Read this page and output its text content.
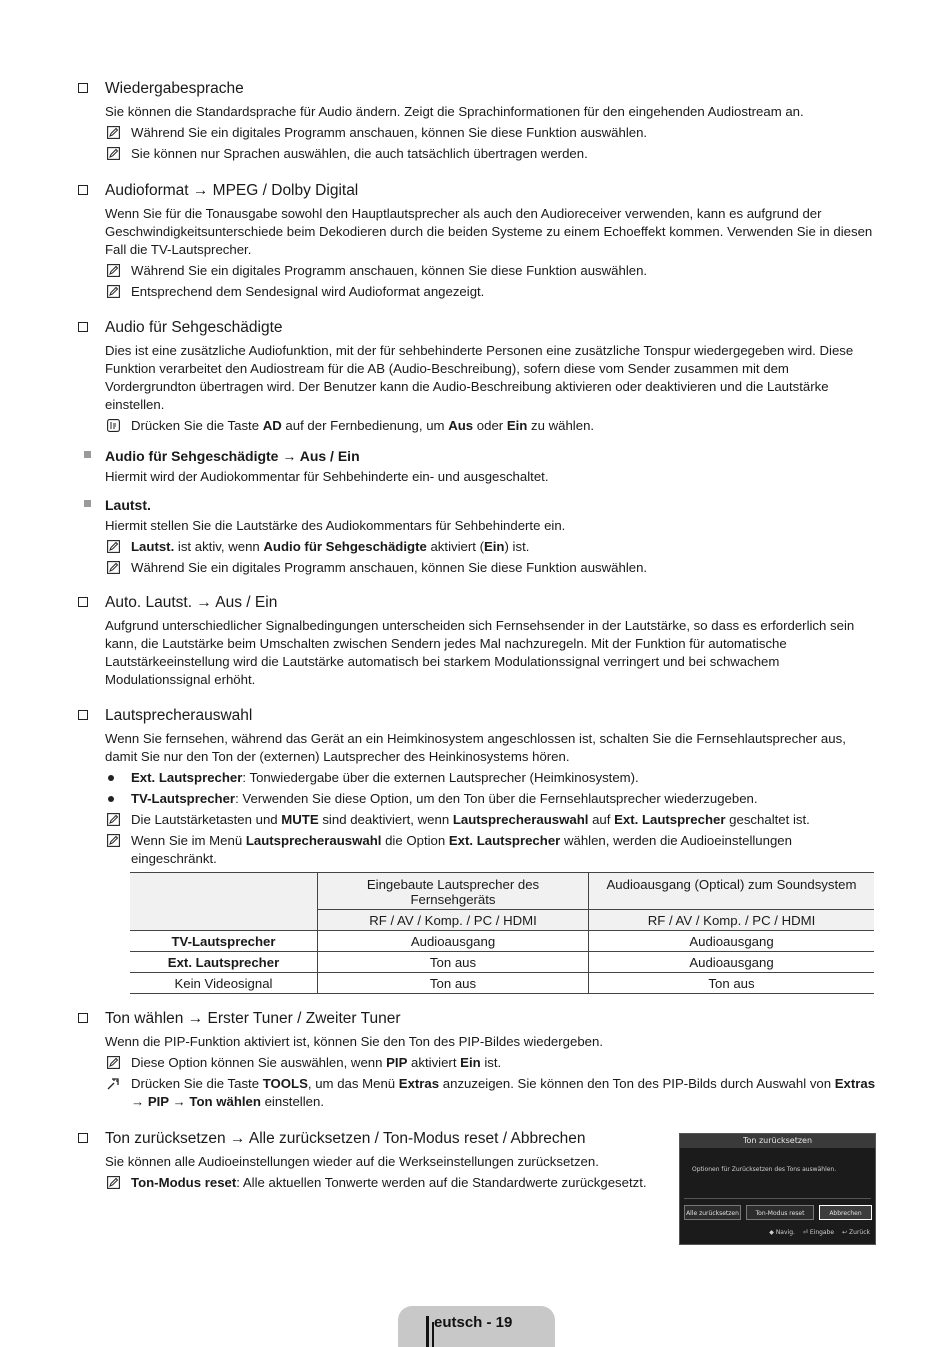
Wiedergabesprache
Sie können die Standardsprache für Audio ändern. Zeigt die Sprachinformationen für den eingehenden Audiostream an.
Während Sie ein digitales Programm anschauen, können Sie diese Funktion auswählen.
Sie können nur Sprachen auswählen, die auch tatsächlich übertragen werden.
Audioformat → MPEG / Dolby Digital
Wenn Sie für die Tonausgabe sowohl den Hauptlautsprecher als auch den Audioreceiver verwenden, kann es aufgrund der Geschwindigkeitsunterschiede beim Dekodieren durch die beiden Systeme zu einem Echoeffekt kommen. Verwenden Sie in diesen Fall die TV-Lautsprecher.
Während Sie ein digitales Programm anschauen, können Sie diese Funktion auswählen.
Entsprechend dem Sendesignal wird Audioformat angezeigt.
Audio für Sehgeschädigte
Dies ist eine zusätzliche Audiofunktion, mit der für sehbehinderte Personen eine zusätzliche Tonspur wiedergegeben wird. Diese Funktion verarbeitet den Audiostream für die AB (Audio-Beschreibung), sofern diese vom Sender zusammen mit dem Vordergrundton übertragen wird. Der Benutzer kann die Audio-Beschreibung aktivieren oder deaktivieren und die Lautstärke einstellen.
Drücken Sie die Taste AD auf der Fernbedienung, um Aus oder Ein zu wählen.
Audio für Sehgeschädigte → Aus / Ein
Hiermit wird der Audiokommentar für Sehbehinderte ein- und ausgeschaltet.
Lautst.
Hiermit stellen Sie die Lautstärke des Audiokommentars für Sehbehinderte ein.
Lautst. ist aktiv, wenn Audio für Sehgeschädigte aktiviert (Ein) ist.
Während Sie ein digitales Programm anschauen, können Sie diese Funktion auswählen.
Auto. Lautst. → Aus / Ein
Aufgrund unterschiedlicher Signalbedingungen unterscheiden sich Fernsehsender in der Lautstärke, so dass es erforderlich sein kann, die Lautstärke beim Umschalten zwischen Sendern jedes Mal nachzuregeln. Mit der Funktion für automatische Lautstärkeeinstellung wird die Lautstärke automatisch bei starkem Modulationssignal verringert und bei schwachem Modulationssignal erhöht.
Lautsprecherauswahl
Wenn Sie fernsehen, während das Gerät an ein Heimkinosystem angeschlossen ist, schalten Sie die Fernsehlautsprecher aus, damit Sie nur den Ton der (externen) Lautsprecher des Heinkinosystems hören.
Ext. Lautsprecher: Tonwiedergabe über die externen Lautsprecher (Heimkinosystem).
TV-Lautsprecher: Verwenden Sie diese Option, um den Ton über die Fernsehlautsprecher wiederzugeben.
Die Lautstärketasten und MUTE sind deaktiviert, wenn Lautsprecherauswahl auf Ext. Lautsprecher geschaltet ist.
Wenn Sie im Menü Lautsprecherauswahl die Option Ext. Lautsprecher wählen, werden die Audioeinstellungen eingeschränkt.
	Eingebaute Lautsprecher des Fernsehgeräts	Audioausgang (Optical) zum Soundsystem
	RF / AV / Komp. / PC / HDMI	RF / AV / Komp. / PC / HDMI
TV-Lautsprecher	Audioausgang	Audioausgang
Ext. Lautsprecher	Ton aus	Audioausgang
Kein Videosignal	Ton aus	Ton aus
Ton wählen → Erster Tuner / Zweiter Tuner
Wenn die PIP-Funktion aktiviert ist, können Sie den Ton des PIP-Bildes wiedergeben.
Diese Option können Sie auswählen, wenn PIP aktiviert Ein ist.
Drücken Sie die Taste TOOLS, um das Menü Extras anzuzeigen. Sie können den Ton des PIP-Bilds durch Auswahl von Extras → PIP → Ton wählen einstellen.
Ton zurücksetzen → Alle zurücksetzen / Ton-Modus reset / Abbrechen
Sie können alle Audioeinstellungen wieder auf die Werkseinstellungen zurücksetzen.
Ton-Modus reset: Alle aktuellen Tonwerte werden auf die Standardwerte zurückgesetzt.
Ton zurücksetzen
Optionen für Zurücksetzen des Tons auswählen.
Alle zurücksetzen	Ton-Modus reset	Abbrechen
◆ Navig. ⏎ Eingabe ↩ Zurück
eutsch - 19
